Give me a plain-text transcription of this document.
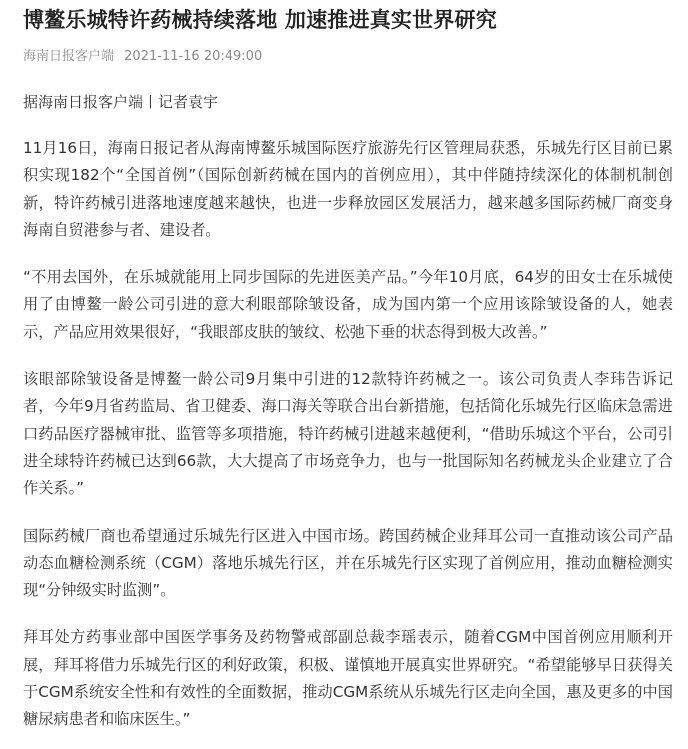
博鳌乐城特许药械持续落地 加速推进真实世界研究
海南日报客户端 2021-11-16 20:49:00
据海南日报客户端丨记者袁宇

11月16日，海南日报记者从海南博鳌乐城国际医疗旅游先行区管理局获悉，乐城先行区目前已累积实现182个“全国首例”（国际创新药械在国内的首例应用），其中伴随持续深化的体制机制创新，特许药械引进落地速度越来越快，也进一步释放园区发展活力，越来越多国际药械厂商变身海南自贸港参与者、建设者。

“不用去国外，在乐城就能用上同步国际的先进医美产品。”今年10月底，64岁的田女士在乐城使用了由博鳌一龄公司引进的意大利眼部除皱设备，成为国内第一个应用该除皱设备的人，她表示，产品应用效果很好，“我眼部皮肤的皱纹、松弛下垂的状态得到极大改善。”

该眼部除皱设备是博鳌一龄公司9月集中引进的12款特许药械之一。该公司负责人李玮告诉记者，今年9月省药监局、省卫健委、海口海关等联合出台新措施，包括简化乐城先行区临床急需进口药品医疗器械审批、监管等多项措施，特许药械引进越来越便利，“借助乐城这个平台，公司引进全球特许药械已达到66款，大大提高了市场竞争力，也与一批国际知名药械龙头企业建立了合作关系。”

国际药械厂商也希望通过乐城先行区进入中国市场。跨国药械企业拜耳公司一直推动该公司产品动态血糖检测系统（CGM）落地乐城先行区，并在乐城先行区实现了首例应用，推动血糖检测实现“分钟级实时监测”。

拜耳处方药事业部中国医学事务及药物警戒部副总裁李瑶表示，随着CGM中国首例应用顺利开展，拜耳将借力乐城先行区的利好政策，积极、谨慎地开展真实世界研究。“希望能够早日获得关于CGM系统安全性和有效性的全面数据，推动CGM系统从乐城先行区走向全国，惠及更多的中国糖尿病患者和临床医生。”
